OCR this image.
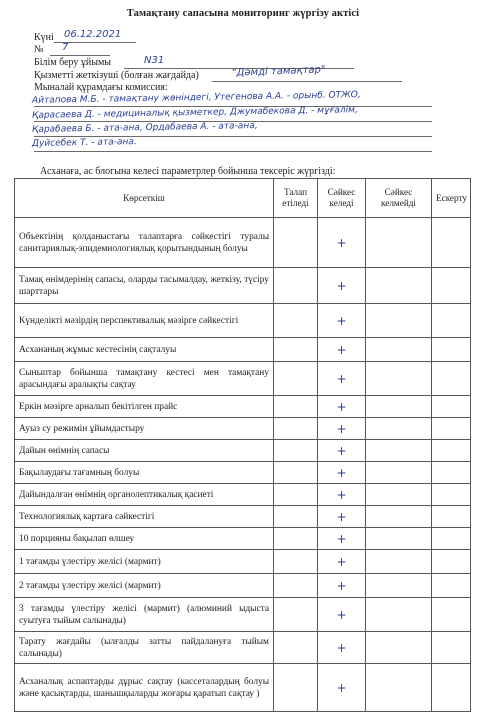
Тамақтану сапасына мониторинг жүргізу актісі
Күні 06.12.2021
№ 7
Білім беру ұйымы	N31
Қызметті жеткізуші (болған жағдайда)	"Дәмді тамақтар"
Мыналай құрамдағы комиссия:
Айтапова М.Б. - тамақтану жөніндегі, Утегенова А.А. - орынб. ОТЖО,
Қарасаева Д. - медициналық қызметкер, Джумабекова Д. - мұғалім,
Қарабаева Б. - ата-ана, Ордабаева А. - ата-ана,
Дуйсебек Т. - ата-ана.
Асханаға, ас блогына келесі параметрлер бойынша тексеріс жүргізді:
Көрсеткіш	Талап етіледі	Сәйкес келеді	Сәйкес келмейді	Ескерту
Объектінің қолданыстағы талаптарға сәйкестігі туралы санитариялық-эпидемиологиялық қорытындының болуы		+		
Тамақ өнімдерінің сапасы, оларды тасымалдау, жеткізу, түсіру шарттары		+		
Күнделікті мәзірдің перспективалық мәзірге сәйкестігі		+		
Асхананың жұмыс кестесінің сақталуы		+		
Сыныптар бойынша тамақтану кестесі мен тамақтану арасындағы аралықты сақтау		+		
Еркін мәзірге арналып бекітілген прайс		+		
Ауыз су режимін ұйымдастыру		+		
Дайын өнімнің сапасы		+		
Бақылаудағы тағамның болуы		+		
Дайындалған өнімнің органолептикалық қасиеті		+		
Технологиялық картаға сәйкестігі		+		
10 порцияны бақылап өлшеу		+		
1 тағамды үлестіру желісі (мармит)		+		
2 тағамды үлестіру желісі (мармит)		+		
3 тағамды үлестіру желісі (мармит) (алюминий ыдыста суытуға тыйым салынады)		+		
Тарату жағдайы (ылғалды затты пайдалануға тыйым салынады)		+		
Асханалық аспаптарды дұрыс сақтау (кассеталардың болуы және қасықтарды, шанышқыларды жоғары қаратып сақтау )		+		
